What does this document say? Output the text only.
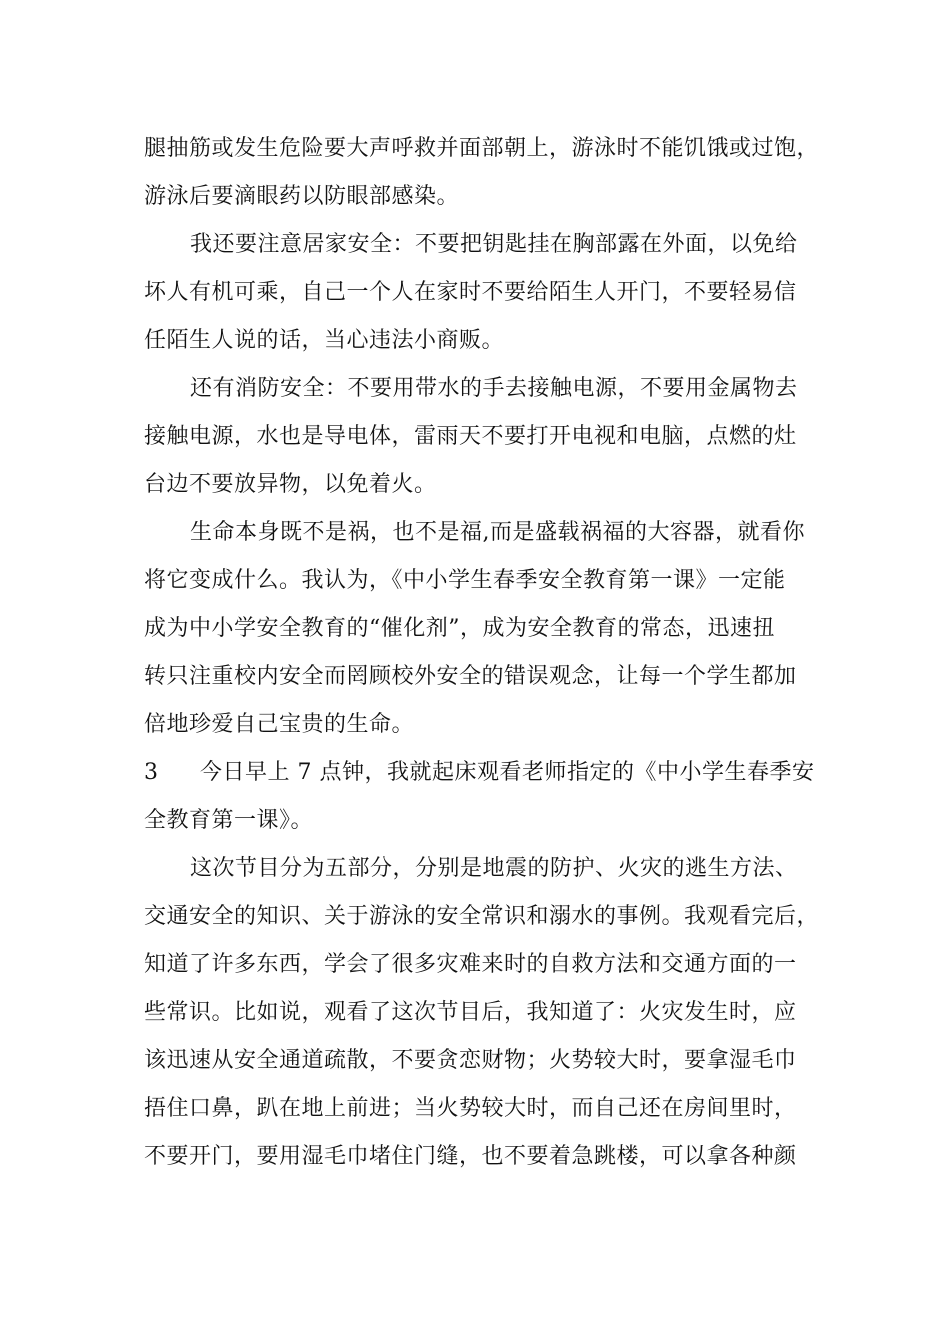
腿抽筋或发生危险要大声呼救并面部朝上，游泳时不能饥饿或过饱，
游泳后要滴眼药以防眼部感染。
我还要注意居家安全：不要把钥匙挂在胸部露在外面，以免给
坏人有机可乘，自己一个人在家时不要给陌生人开门，不要轻易信
任陌生人说的话，当心违法小商贩。
还有消防安全：不要用带水的手去接触电源，不要用金属物去
接触电源，水也是导电体，雷雨天不要打开电视和电脑，点燃的灶
台边不要放异物，以免着火。
生命本身既不是祸，也不是福,而是盛载祸福的大容器，就看你
将它变成什么。我认为，《中小学生春季安全教育第一课》一定能
成为中小学安全教育的“催化剂”，成为安全教育的常态，迅速扭
转只注重校内安全而罔顾校外安全的错误观念，让每一个学生都加
倍地珍爱自己宝贵的生命。
3 今日早上 7 点钟，我就起床观看老师指定的《中小学生春季安
全教育第一课》。
这次节目分为五部分，分别是地震的防护、火灾的逃生方法、
交通安全的知识、关于游泳的安全常识和溺水的事例。我观看完后，
知道了许多东西，学会了很多灾难来时的自救方法和交通方面的一
些常识。比如说，观看了这次节目后，我知道了：火灾发生时，应
该迅速从安全通道疏散，不要贪恋财物；火势较大时，要拿湿毛巾
捂住口鼻，趴在地上前进；当火势较大时，而自己还在房间里时，
不要开门，要用湿毛巾堵住门缝，也不要着急跳楼，可以拿各种颜
